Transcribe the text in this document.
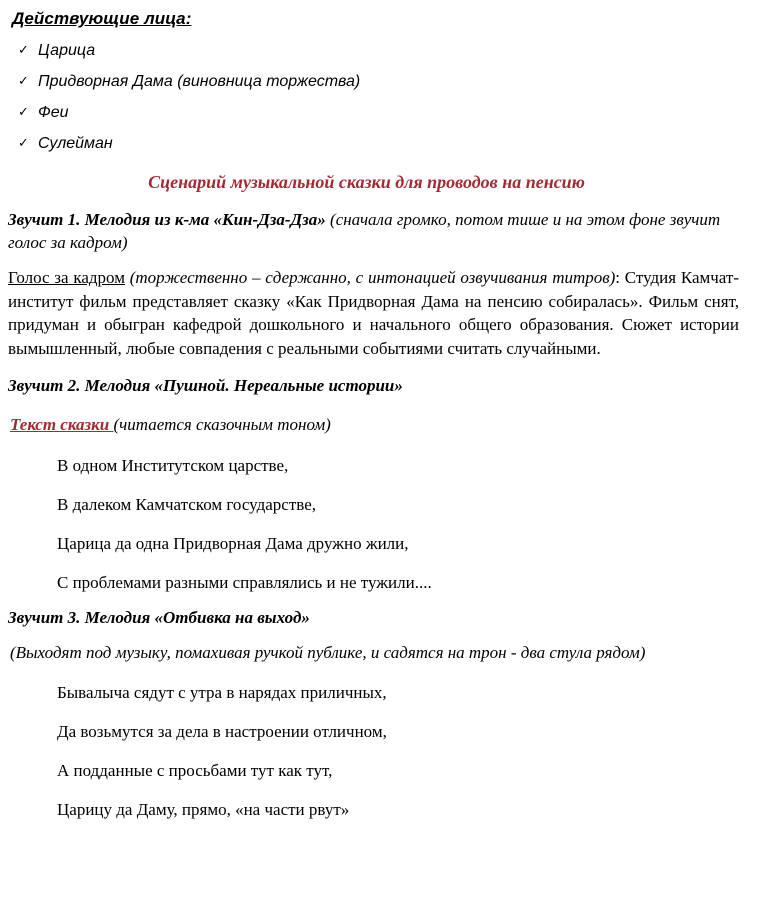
Действующие лица:
✓ Царица
✓ Придворная Дама (виновница торжества)
✓ Феи
✓ Сулейман
Сценарий музыкальной сказки для проводов на пенсию

Звучит 1. Мелодия из к-ма «Кин-Дза-Дза» (сначала громко, потом тише и на этом фоне звучит голос за кадром)

Голос за кадром (торжественно – сдержанно, с интонацией озвучивания титров): Студия Камчат-институт фильм представляет сказку «Как Придворная Дама на пенсию собиралась». Фильм снят, придуман и обыгран кафедрой дошкольного и начального общего образования. Сюжет истории вымышленный, любые совпадения с реальными событиями считать случайными.

Звучит 2. Мелодия «Пушной. Нереальные истории»

Текст сказки (читается сказочным тоном)

В одном Институтском царстве,
В далеком Камчатском государстве,
Царица да одна Придворная Дама дружно жили,
С проблемами разными справлялись и не тужили....

Звучит 3. Мелодия «Отбивка на выход»

(Выходят под музыку, помахивая ручкой публике, и садятся на трон - два стула рядом)

Бывалыча сядут с утра в нарядах приличных,
Да возьмутся за дела в настроении отличном,
А подданные с просьбами тут как тут,
Царицу да Даму, прямо, «на части рвут»
